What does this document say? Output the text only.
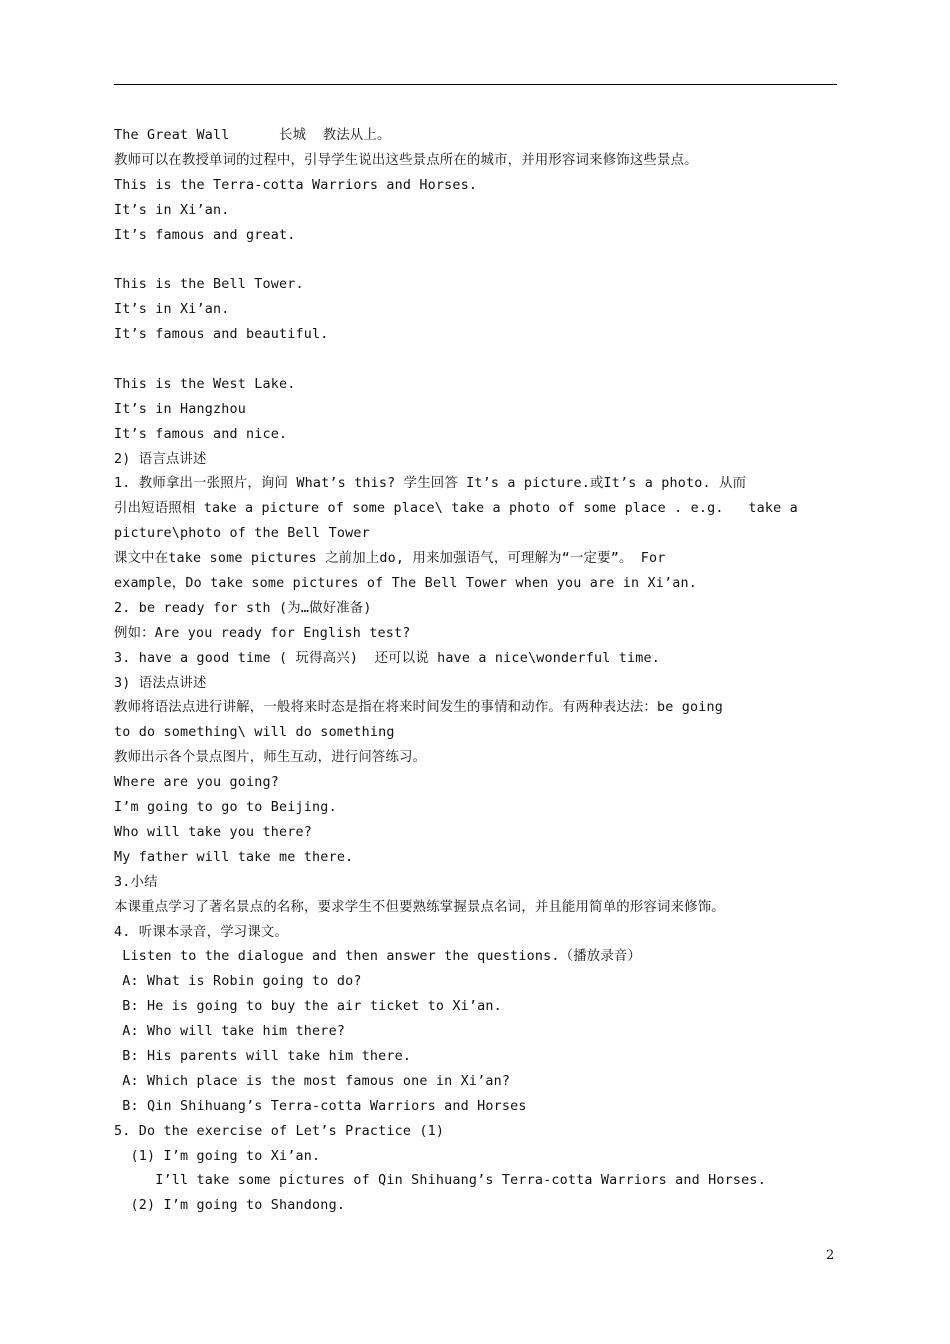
The Great Wall      长城  教法从上。
教师可以在教授单词的过程中，引导学生说出这些景点所在的城市，并用形容词来修饰这些景点。
This is the Terra-cotta Warriors and Horses.
It’s in Xi’an.
It’s famous and great.
This is the Bell Tower.
It’s in Xi’an.
It’s famous and beautiful.
This is the West Lake.
It’s in Hangzhou
It’s famous and nice.
2) 语言点讲述
1. 教师拿出一张照片，询问 What’s this? 学生回答 It’s a picture.或It’s a photo. 从而
引出短语照相 take a picture of some place\ take a photo of some place . e.g.   take a
picture\photo of the Bell Tower
课文中在take some pictures 之前加上do, 用来加强语气，可理解为“一定要”。 For
example，Do take some pictures of The Bell Tower when you are in Xi’an.
2. be ready for sth (为…做好准备)
例如：Are you ready for English test?
3. have a good time ( 玩得高兴)  还可以说 have a nice\wonderful time.
3) 语法点讲述
教师将语法点进行讲解，一般将来时态是指在将来时间发生的事情和动作。有两种表达法：be going
to do something\ will do something
教师出示各个景点图片，师生互动，进行问答练习。
Where are you going?
I’m going to go to Beijing.
Who will take you there?
My father will take me there.
3.小结
本课重点学习了著名景点的名称，要求学生不但要熟练掌握景点名词，并且能用简单的形容词来修饰。
4. 听课本录音，学习课文。
Listen to the dialogue and then answer the questions.（播放录音）
A: What is Robin going to do?
B: He is going to buy the air ticket to Xi’an.
A: Who will take him there?
B: His parents will take him there.
A: Which place is the most famous one in Xi’an?
B: Qin Shihuang’s Terra-cotta Warriors and Horses
5. Do the exercise of Let’s Practice (1)
(1) I’m going to Xi’an.
I’ll take some pictures of Qin Shihuang’s Terra-cotta Warriors and Horses.
(2) I’m going to Shandong.
2
